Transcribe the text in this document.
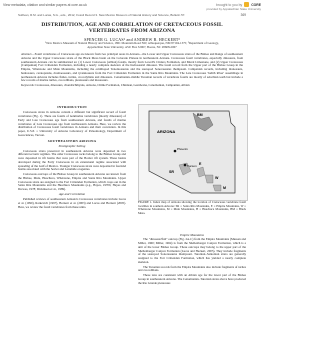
View metadata, citation and similar papers at core.ac.uk	brought to you by	CORE
provided by Appalachian State University
Sullivan, R.M. and Lucas, S.G., eds., 2012, Fossil Record 3. New Mexico Museum of Natural History and Science, Bulletin 57.	369
DISTRIBUTION, AGE AND CORRELATION OF CRETACEOUS FOSSIL VERTEBRATES FROM ARIZONA
SPENCER G. LUCAS¹ and ANDREW B. HECKERT²
¹New Mexico Museum of Natural History and Science, 1801 Mountain Road NW, Albuquerque, NM 87104-1375; ²Department of Geology, Appalachian State University, ASU Box 32067, Boone, NC 28608-2067
Abstract—Fossil vertebrates of Cretaceous age are known from two principal areas in Arizona—the Lower and Upper Cretaceous strata of the Bisbee and Range of southeastern Arizona and the Upper Cretaceous strata of the Black Mesa basin on the Colorado Plateau in northeastern Arizona. Cretaceous fossil vertebrates, especially dinosaurs, from southeastern Arizona can be summarized as: (1) Lower Cretaceous (Albian) fossils, mostly from Lowell's Cintura Formation, and Mural Limestone, and (2) Upper Cretaceous (Campanian) Fort Crittenden Formation, including a nearly complete skeleton of the hadrosaurid dinosaur. The fossil record from the Upper part of the Bisbee Group in the Empire, Whetstone and Mule Mountains, including the ornithopod Tenontosaurus and the sauropod Sonorasaurus thompsoni. Campanian records, including titanosaurs, hadrosaurs, ceratopsians, dromaeosaurs, and tyrannosaurs from the Fort Crittenden Formation in the Santa Rita Mountains. The Late Cretaceous 'Judith River' assemblage in northeastern Arizona includes fishes, turtles, crocodylians and dinosaurs. Cenomanian–middle Turonian records of vertebrate fossils are mostly of selachian teeth but include a few records of marine turtles, crocodilians, plesiosaurs and mosasaurs.
Keywords: Cretaceous, dinosaurs, chondrichthyans, Arizona, Chinle Formation, Chinlean, Gondwana, Cenomanian, Campanian, Albian
INTRODUCTION

Cretaceous strata in Arizona contain a different but significant record of fossil vertebrates (Fig. 1). There are fossils of nonmarine vertebrates (mostly dinosaurs) of Early and Late Cretaceous age from southeastern Arizona, and fossils of marine vertebrates of Late Cretaceous age from northeastern Arizona. Here, we review the distribution of Cretaceous fossil vertebrates in Arizona and their correlation. In this paper, U.S.P. = University of Arizona Laboratory of Paleontology, Department of Geosciences, Tucson.

SOUTHEASTERN ARIZONA
Stratigraphic Setting

Cretaceous strata preserved in southeastern Arizona were deposited in two different tectonic regimes. The older Cretaceous rocks belong to the Bisbee Group and were deposited in rift basins that were part of the Border rift system. These basins developed during the Early Cretaceous in an extensional regime associated with spreading of the Gulf of Mexico. Younger Cretaceous strata were deposited in foreland basins associated with the Sevier and Laramide orogenies.

Cretaceous outcrops of the Bisbee Group in southeastern Arizona are known from the Bisbee, Mule, Huachuca, Whetstone, Empire and Santa Rita Mountains. Upper Cretaceous strata are assigned to the Fort Crittenden Formation, which crops out in the Santa Rita Mountains and the Huachuca Mountains (e.g., Hayes, 1970b; Hayes and Drewes, 1978; Dickinson et al., 1989).

Age and Correlation

Published reviews of southeastern Arizona's Cretaceous vertebrates include Lucas et al. (1990), Ratkevich (1997), Heckert et al. (2003) and Lucas and Heckert (2005). Here, we review the fossil vertebrates from these units.

BM
SR
E
W
M
Phoenix
Tucson
ARIZONA
FIGURE 1. Index map of Arizona showing the location of Cretaceous vertebrate fossil localities in southern Arizona: SR = Santa Rita Mountains, E = Empire Mountains, W = Whetstone Mountains, M = Mule Mountains, H = Huachuca Mountains, BM = Black Mesa.
Empire Mountains

The "dinosaur/fish" outcrop (Fig. 2A-C) from the Empire Mountains (Mussen and Miller, 1960; Miller, 1964) is from the Shellenberger Canyon Formation, which is a unit of the lower Bisbee Group. These outcrops may belong to the upper part of the Shellenberger Canyon Formation (Lucas and Heckert, 2005). They include fragments of the sauropod Sonorasaurus thompsoni. Turonian–Santonian strata are generally assigned to the Fort Crittenden Formation, which has yielded a nearly complete skeleton.

The Turonian records from the Empire Mountains also include fragments of turtles and crocodilians.

These taxa are consistent with an Albian age for the lower part of the Bisbee Group in southeastern Arizona. The Cenomanian–Turonian strata above have produced the Rio Grande plesiosaur.
